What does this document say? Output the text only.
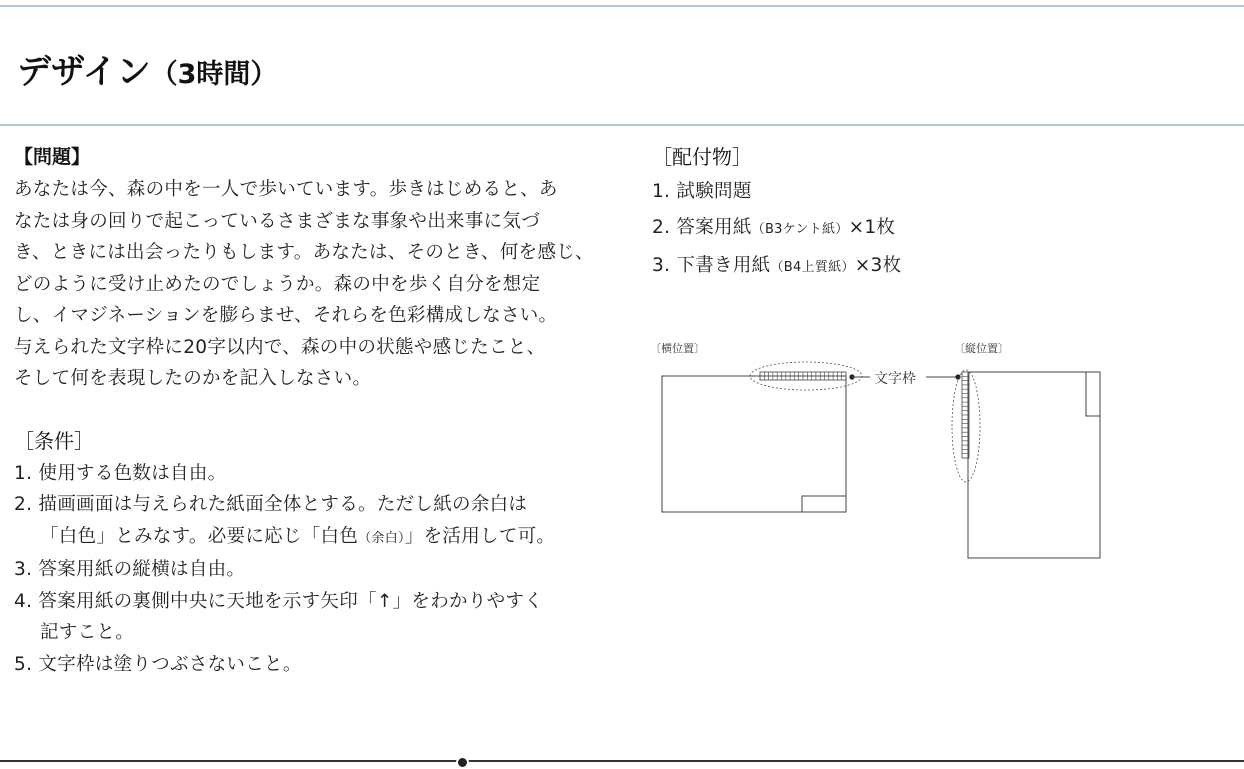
デザイン（3時間）

【問題】

あなたは今、森の中を一人で歩いています。歩きはじめると、あ
なたは身の回りで起こっているさまざまな事象や出来事に気づ
き、ときには出会ったりもします。あなたは、そのとき、何を感じ、
どのように受け止めたのでしょうか。森の中を歩く自分を想定
し、イマジネーションを膨らませ、それらを色彩構成しなさい。
与えられた文字枠に20字以内で、森の中の状態や感じたこと、
そして何を表現したのかを記入しなさい。

［条件］

1. 使用する色数は自由。
2. 描画画面は与えられた紙面全体とする。ただし紙の余白は
「白色」とみなす。必要に応じ「白色（余白）」を活用して可。
3. 答案用紙の縦横は自由。
4. 答案用紙の裏側中央に天地を示す矢印「↑」をわかりやすく
記すこと。
5. 文字枠は塗りつぶさないこと。

［配付物］

1. 試験問題
2. 答案用紙（B3ケント紙）×1枚
3. 下書き用紙（B4上質紙）×3枚
〔横位置〕	〔縦位置〕
文字枠
